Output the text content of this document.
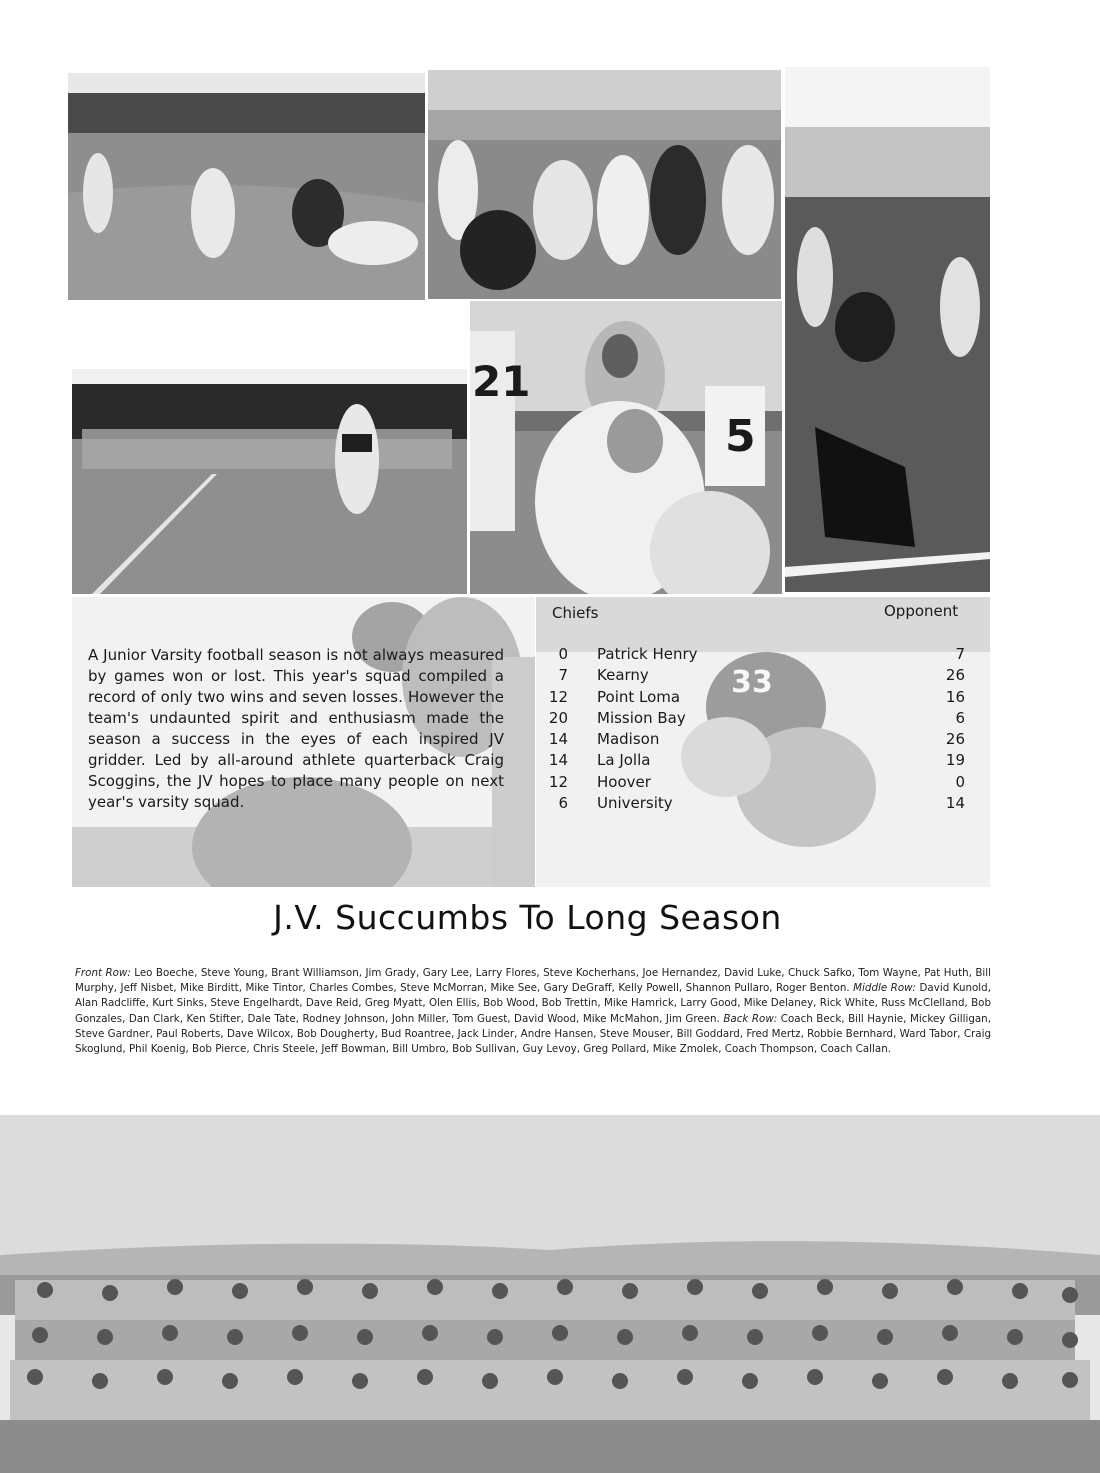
21
5
33

A Junior Varsity football season is not always measured by games won or lost. This year's squad compiled a record of only two wins and seven losses. However the team's undaunted spirit and enthusiasm made the season a success in the eyes of each inspired JV gridder. Led by all-around athlete quarterback Craig Scoggins, the JV hopes to place many people on next year's varsity squad.

Chiefs	Opponent
0 Patrick Henry	7
7 Kearny	26
12 Point Loma	16
20 Mission Bay	6
14 Madison	26
14 La Jolla	19
12 Hoover	0
6 University	14
J.V. Succumbs To Long Season

Front Row: Leo Boeche, Steve Young, Brant Williamson, Jim Grady, Gary Lee, Larry Flores, Steve Kocherhans, Joe Hernandez, David Luke, Chuck Safko, Tom Wayne, Pat Huth, Bill Murphy, Jeff Nisbet, Mike Birditt, Mike Tintor, Charles Combes, Steve McMorran, Mike See, Gary DeGraff, Kelly Powell, Shannon Pullaro, Roger Benton. Middle Row: David Kunold, Alan Radcliffe, Kurt Sinks, Steve Engelhardt, Dave Reid, Greg Myatt, Olen Ellis, Bob Wood, Bob Trettin, Mike Hamrick, Larry Good, Mike Delaney, Rick White, Russ McClelland, Bob Gonzales, Dan Clark, Ken Stifter, Dale Tate, Rodney Johnson, John Miller, Tom Guest, David Wood, Mike McMahon, Jim Green. Back Row: Coach Beck, Bill Haynie, Mickey Gilligan, Steve Gardner, Paul Roberts, Dave Wilcox, Bob Dougherty, Bud Roantree, Jack Linder, Andre Hansen, Steve Mouser, Bill Goddard, Fred Mertz, Robbie Bernhard, Ward Tabor, Craig Skoglund, Phil Koenig, Bob Pierce, Chris Steele, Jeff Bowman, Bill Umbro, Bob Sullivan, Guy Levoy, Greg Pollard, Mike Zmolek, Coach Thompson, Coach Callan.
